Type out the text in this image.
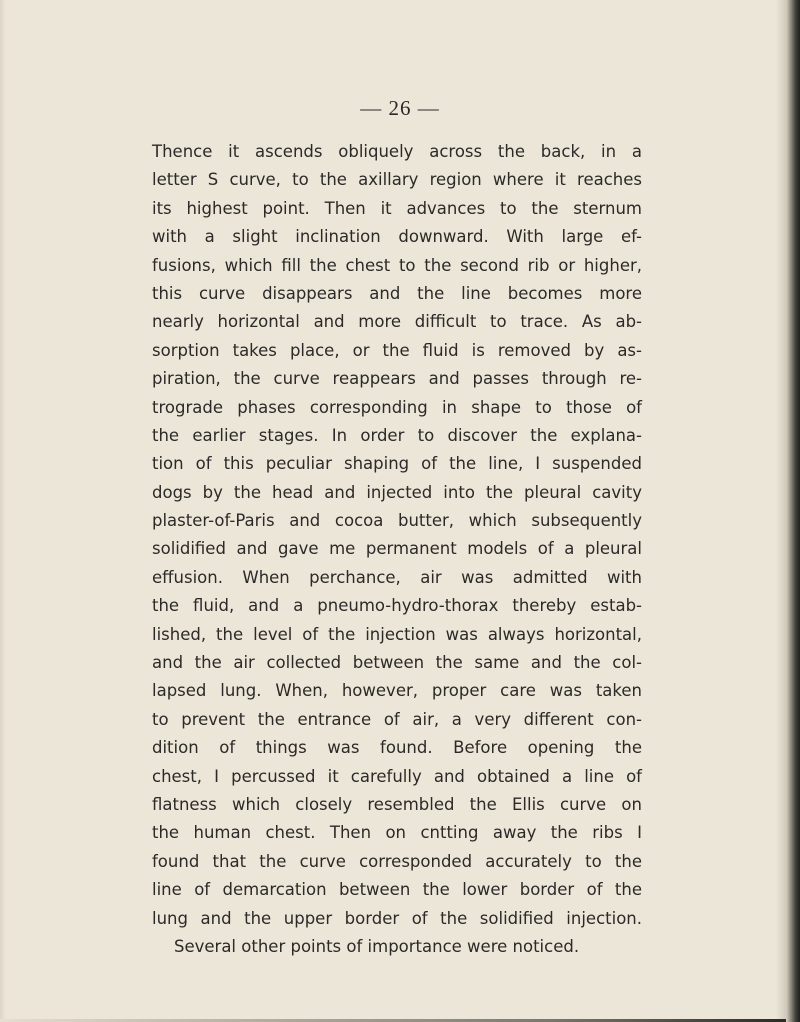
— 26 —

Thence it ascends obliquely across the back, in a
letter S curve, to the axillary region where it reaches
its highest point. Then it advances to the sternum
with a slight inclination downward. With large ef-
fusions, which fill the chest to the second rib or higher,
this curve disappears and the line becomes more
nearly horizontal and more difficult to trace. As ab-
sorption takes place, or the fluid is removed by as-
piration, the curve reappears and passes through re-
trograde phases corresponding in shape to those of
the earlier stages. In order to discover the explana-
tion of this peculiar shaping of the line, I suspended
dogs by the head and injected into the pleural cavity
plaster-of-Paris and cocoa butter, which subsequently
solidified and gave me permanent models of a pleural
effusion. When perchance, air was admitted with
the fluid, and a pneumo-hydro-thorax thereby estab-
lished, the level of the injection was always horizontal,
and the air collected between the same and the col-
lapsed lung. When, however, proper care was taken
to prevent the entrance of air, a very different con-
dition of things was found. Before opening the
chest, I percussed it carefully and obtained a line of
flatness which closely resembled the Ellis curve on
the human chest. Then on cntting away the ribs I
found that the curve corresponded accurately to the
line of demarcation between the lower border of the
lung and the upper border of the solidified injection.
Several other points of importance were noticed.
